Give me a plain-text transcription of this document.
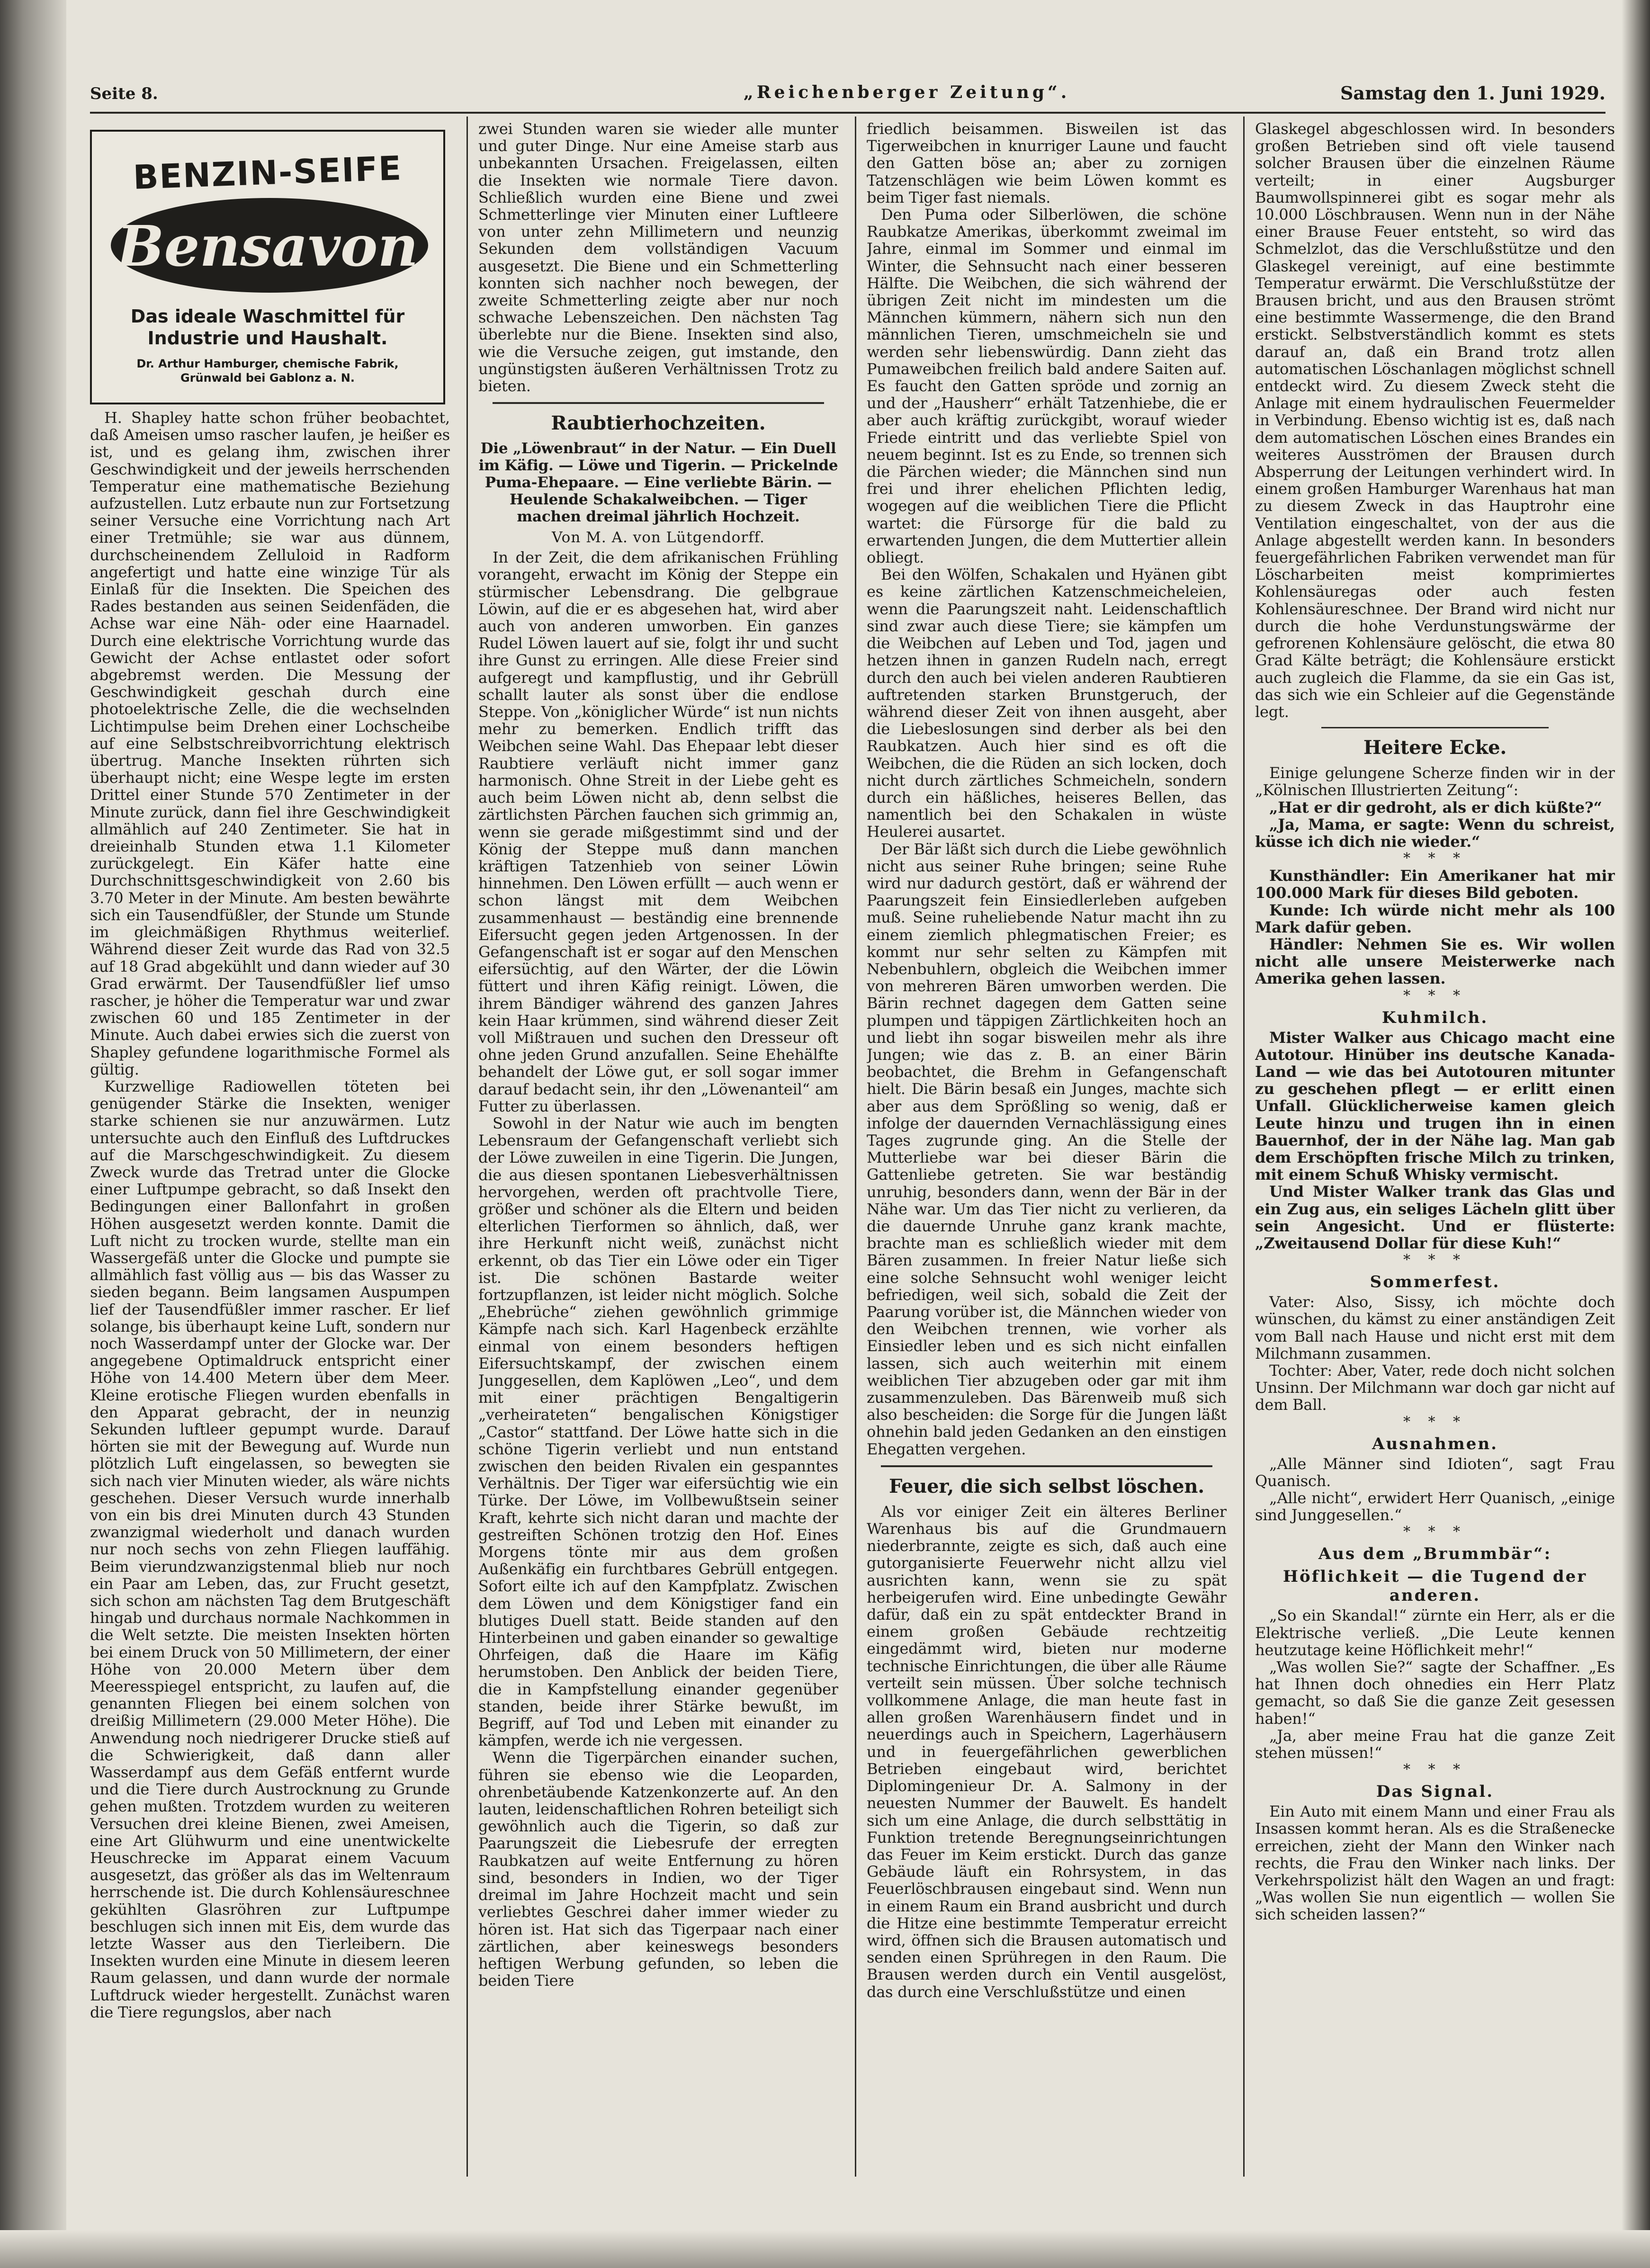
Seite 8.	„Reichenberger Zeitung“.	Samstag den 1. Juni 1929.

H. Shapley hatte schon früher beobachtet, daß Ameisen umso rascher laufen, je heißer es ist, und es gelang ihm, zwischen ihrer Geschwindigkeit und der jeweils herrschenden Temperatur eine mathematische Beziehung aufzustellen. Lutz erbaute nun zur Fortsetzung seiner Versuche eine Vorrichtung nach Art einer Tretmühle; sie war aus dünnem, durchscheinendem Zelluloid in Radform angefertigt und hatte eine winzige Tür als Einlaß für die Insekten. Die Speichen des Rades bestanden aus seinen Seidenfäden, die Achse war eine Näh- oder eine Haarnadel. Durch eine elektrische Vorrichtung wurde das Gewicht der Achse entlastet oder sofort abgebremst werden. Die Messung der Geschwindigkeit geschah durch eine photoelektrische Zelle, die die wechselnden Lichtimpulse beim Drehen einer Lochscheibe auf eine Selbstschreibvorrichtung elektrisch übertrug. Manche Insekten rührten sich überhaupt nicht; eine Wespe legte im ersten Drittel einer Stunde 570 Zentimeter in der Minute zurück, dann fiel ihre Geschwindigkeit allmählich auf 240 Zentimeter. Sie hat in dreieinhalb Stunden etwa 1.1 Kilometer zurückgelegt. Ein Käfer hatte eine Durchschnittsgeschwindigkeit von 2.60 bis 3.70 Meter in der Minute. Am besten bewährte sich ein Tausendfüßler, der Stunde um Stunde im gleichmäßigen Rhythmus weiterlief. Während dieser Zeit wurde das Rad von 32.5 auf 18 Grad abgekühlt und dann wieder auf 30 Grad erwärmt. Der Tausendfüßler lief umso rascher, je höher die Temperatur war und zwar zwischen 60 und 185 Zentimeter in der Minute. Auch dabei erwies sich die zuerst von Shapley gefundene logarithmische Formel als gültig.

Kurzwellige Radiowellen töteten bei genügender Stärke die Insekten, weniger starke schienen sie nur anzuwärmen. Lutz untersuchte auch den Einfluß des Luftdruckes auf die Marschgeschwindigkeit. Zu diesem Zweck wurde das Tretrad unter die Glocke einer Luftpumpe gebracht, so daß Insekt den Bedingungen einer Ballonfahrt in großen Höhen ausgesetzt werden konnte. Damit die Luft nicht zu trocken wurde, stellte man ein Wassergefäß unter die Glocke und pumpte sie allmählich fast völlig aus — bis das Wasser zu sieden begann. Beim langsamen Auspumpen lief der Tausendfüßler immer rascher. Er lief solange, bis überhaupt keine Luft, sondern nur noch Wasserdampf unter der Glocke war. Der angegebene Optimaldruck entspricht einer Höhe von 14.400 Metern über dem Meer. Kleine erotische Fliegen wurden ebenfalls in den Apparat gebracht, der in neunzig Sekunden luftleer gepumpt wurde. Darauf hörten sie mit der Bewegung auf. Wurde nun plötzlich Luft eingelassen, so bewegten sie sich nach vier Minuten wieder, als wäre nichts geschehen. Dieser Versuch wurde innerhalb von ein bis drei Minuten durch 43 Stunden zwanzigmal wiederholt und danach wurden nur noch sechs von zehn Fliegen lauffähig. Beim vierundzwanzigstenmal blieb nur noch ein Paar am Leben, das, zur Frucht gesetzt, sich schon am nächsten Tag dem Brutgeschäft hingab und durchaus normale Nachkommen in die Welt setzte. Die meisten Insekten hörten bei einem Druck von 50 Millimetern, der einer Höhe von 20.000 Metern über dem Meeresspiegel entspricht, zu laufen auf, die genannten Fliegen bei einem solchen von dreißig Millimetern (29.000 Meter Höhe). Die Anwendung noch niedrigerer Drucke stieß auf die Schwierigkeit, daß dann aller Wasserdampf aus dem Gefäß entfernt wurde und die Tiere durch Austrocknung zu Grunde gehen mußten. Trotzdem wurden zu weiteren Versuchen drei kleine Bienen, zwei Ameisen, eine Art Glühwurm und eine unentwickelte Heuschrecke im Apparat einem Vacuum ausgesetzt, das größer als das im Weltenraum herrschende ist. Die durch Kohlensäureschnee gekühlten Glasröhren zur Luftpumpe beschlugen sich innen mit Eis, dem wurde das letzte Wasser aus den Tierleibern. Die Insekten wurden eine Minute in diesem leeren Raum gelassen, und dann wurde der normale Luftdruck wieder hergestellt. Zunächst waren die Tiere regungslos, aber nach

BENZIN-SEIFE
Bensavon
Das ideale Waschmittel für
Industrie und Haushalt.
Dr. Arthur Hamburger, chemische Fabrik,
Grünwald bei Gablonz a. N.

zwei Stunden waren sie wieder alle munter und guter Dinge. Nur eine Ameise starb aus unbekannten Ursachen. Freigelassen, eilten die Insekten wie normale Tiere davon. Schließlich wurden eine Biene und zwei Schmetterlinge vier Minuten einer Luftleere von unter zehn Millimetern und neunzig Sekunden dem vollständigen Vacuum ausgesetzt. Die Biene und ein Schmetterling konnten sich nachher noch bewegen, der zweite Schmetterling zeigte aber nur noch schwache Lebenszeichen. Den nächsten Tag überlebte nur die Biene. Insekten sind also, wie die Versuche zeigen, gut imstande, den ungünstigsten äußeren Verhältnissen Trotz zu bieten.

Raubtierhochzeiten.
Die „Löwenbraut“ in der Natur. — Ein Duell im Käfig. — Löwe und Tigerin. — Prickelnde Puma-Ehepaare. — Eine verliebte Bärin. — Heulende Schakalweibchen. — Tiger machen dreimal jährlich Hochzeit.
Von M. A. von Lütgendorff.

In der Zeit, die dem afrikanischen Frühling vorangeht, erwacht im König der Steppe ein stürmischer Lebensdrang. Die gelbgraue Löwin, auf die er es abgesehen hat, wird aber auch von anderen umworben. Ein ganzes Rudel Löwen lauert auf sie, folgt ihr und sucht ihre Gunst zu erringen. Alle diese Freier sind aufgeregt und kampflustig, und ihr Gebrüll schallt lauter als sonst über die endlose Steppe. Von „königlicher Würde“ ist nun nichts mehr zu bemerken. Endlich trifft das Weibchen seine Wahl. Das Ehepaar lebt dieser Raubtiere verläuft nicht immer ganz harmonisch. Ohne Streit in der Liebe geht es auch beim Löwen nicht ab, denn selbst die zärtlichsten Pärchen fauchen sich grimmig an, wenn sie gerade mißgestimmt sind und der König der Steppe muß dann manchen kräftigen Tatzenhieb von seiner Löwin hinnehmen. Den Löwen erfüllt — auch wenn er schon längst mit dem Weibchen zusammenhaust — beständig eine brennende Eifersucht gegen jeden Artgenossen. In der Gefangenschaft ist er sogar auf den Menschen eifersüchtig, auf den Wärter, der die Löwin füttert und ihren Käfig reinigt. Löwen, die ihrem Bändiger während des ganzen Jahres kein Haar krümmen, sind während dieser Zeit voll Mißtrauen und suchen den Dresseur oft ohne jeden Grund anzufallen. Seine Ehehälfte behandelt der Löwe gut, er soll sogar immer darauf bedacht sein, ihr den „Löwenanteil“ am Futter zu überlassen.

Sowohl in der Natur wie auch im bengten Lebensraum der Gefangenschaft verliebt sich der Löwe zuweilen in eine Tigerin. Die Jungen, die aus diesen spontanen Liebesverhältnissen hervorgehen, werden oft prachtvolle Tiere, größer und schöner als die Eltern und beiden elterlichen Tierformen so ähnlich, daß, wer ihre Herkunft nicht weiß, zunächst nicht erkennt, ob das Tier ein Löwe oder ein Tiger ist. Die schönen Bastarde weiter fortzupflanzen, ist leider nicht möglich. Solche „Ehebrüche“ ziehen gewöhnlich grimmige Kämpfe nach sich. Karl Hagenbeck erzählte einmal von einem besonders heftigen Eifersuchtskampf, der zwischen einem Junggesellen, dem Kaplöwen „Leo“, und dem mit einer prächtigen Bengaltigerin „verheirateten“ bengalischen Königstiger „Castor“ stattfand. Der Löwe hatte sich in die schöne Tigerin verliebt und nun entstand zwischen den beiden Rivalen ein gespanntes Verhältnis. Der Tiger war eifersüchtig wie ein Türke. Der Löwe, im Vollbewußtsein seiner Kraft, kehrte sich nicht daran und machte der gestreiften Schönen trotzig den Hof. Eines Morgens tönte mir aus dem großen Außenkäfig ein furchtbares Gebrüll entgegen. Sofort eilte ich auf den Kampfplatz. Zwischen dem Löwen und dem Königstiger fand ein blutiges Duell statt. Beide standen auf den Hinterbeinen und gaben einander so gewaltige Ohrfeigen, daß die Haare im Käfig herumstoben. Den Anblick der beiden Tiere, die in Kampfstellung einander gegenüber standen, beide ihrer Stärke bewußt, im Begriff, auf Tod und Leben mit einander zu kämpfen, werde ich nie vergessen.

Wenn die Tigerpärchen einander suchen, führen sie ebenso wie die Leoparden, ohrenbetäubende Katzenkonzerte auf. An den lauten, leidenschaftlichen Rohren beteiligt sich gewöhnlich auch die Tigerin, so daß zur Paarungszeit die Liebesrufe der erregten Raubkatzen auf weite Entfernung zu hören sind, besonders in Indien, wo der Tiger dreimal im Jahre Hochzeit macht und sein verliebtes Geschrei daher immer wieder zu hören ist. Hat sich das Tigerpaar nach einer zärtlichen, aber keineswegs besonders heftigen Werbung gefunden, so leben die beiden Tiere

friedlich beisammen. Bisweilen ist das Tigerweibchen in knurriger Laune und faucht den Gatten böse an; aber zu zornigen Tatzenschlägen wie beim Löwen kommt es beim Tiger fast niemals.

Den Puma oder Silberlöwen, die schöne Raubkatze Amerikas, überkommt zweimal im Jahre, einmal im Sommer und einmal im Winter, die Sehnsucht nach einer besseren Hälfte. Die Weibchen, die sich während der übrigen Zeit nicht im mindesten um die Männchen kümmern, nähern sich nun den männlichen Tieren, umschmeicheln sie und werden sehr liebenswürdig. Dann zieht das Pumaweibchen freilich bald andere Saiten auf. Es faucht den Gatten spröde und zornig an und der „Hausherr“ erhält Tatzenhiebe, die er aber auch kräftig zurückgibt, worauf wieder Friede eintritt und das verliebte Spiel von neuem beginnt. Ist es zu Ende, so trennen sich die Pärchen wieder; die Männchen sind nun frei und ihrer ehelichen Pflichten ledig, wogegen auf die weiblichen Tiere die Pflicht wartet: die Fürsorge für die bald zu erwartenden Jungen, die dem Muttertier allein obliegt.

Bei den Wölfen, Schakalen und Hyänen gibt es keine zärtlichen Katzenschmeicheleien, wenn die Paarungszeit naht. Leidenschaftlich sind zwar auch diese Tiere; sie kämpfen um die Weibchen auf Leben und Tod, jagen und hetzen ihnen in ganzen Rudeln nach, erregt durch den auch bei vielen anderen Raubtieren auftretenden starken Brunstgeruch, der während dieser Zeit von ihnen ausgeht, aber die Liebeslosungen sind derber als bei den Raubkatzen. Auch hier sind es oft die Weibchen, die die Rüden an sich locken, doch nicht durch zärtliches Schmeicheln, sondern durch ein häßliches, heiseres Bellen, das namentlich bei den Schakalen in wüste Heulerei ausartet.

Der Bär läßt sich durch die Liebe gewöhnlich nicht aus seiner Ruhe bringen; seine Ruhe wird nur dadurch gestört, daß er während der Paarungszeit fein Einsiedlerleben aufgeben muß. Seine ruheliebende Natur macht ihn zu einem ziemlich phlegmatischen Freier; es kommt nur sehr selten zu Kämpfen mit Nebenbuhlern, obgleich die Weibchen immer von mehreren Bären umworben werden. Die Bärin rechnet dagegen dem Gatten seine plumpen und täppigen Zärtlichkeiten hoch an und liebt ihn sogar bisweilen mehr als ihre Jungen; wie das z. B. an einer Bärin beobachtet, die Brehm in Gefangenschaft hielt. Die Bärin besaß ein Junges, machte sich aber aus dem Sprößling so wenig, daß er infolge der dauernden Vernachlässigung eines Tages zugrunde ging. An die Stelle der Mutterliebe war bei dieser Bärin die Gattenliebe getreten. Sie war beständig unruhig, besonders dann, wenn der Bär in der Nähe war. Um das Tier nicht zu verlieren, da die dauernde Unruhe ganz krank machte, brachte man es schließlich wieder mit dem Bären zusammen. In freier Natur ließe sich eine solche Sehnsucht wohl weniger leicht befriedigen, weil sich, sobald die Zeit der Paarung vorüber ist, die Männchen wieder von den Weibchen trennen, wie vorher als Einsiedler leben und es sich nicht einfallen lassen, sich auch weiterhin mit einem weiblichen Tier abzugeben oder gar mit ihm zusammenzuleben. Das Bärenweib muß sich also bescheiden: die Sorge für die Jungen läßt ohnehin bald jeden Gedanken an den einstigen Ehegatten vergehen.

Feuer, die sich selbst löschen.

Als vor einiger Zeit ein älteres Berliner Warenhaus bis auf die Grundmauern niederbrannte, zeigte es sich, daß auch eine gutorganisierte Feuerwehr nicht allzu viel ausrichten kann, wenn sie zu spät herbeigerufen wird. Eine unbedingte Gewähr dafür, daß ein zu spät entdeckter Brand in einem großen Gebäude rechtzeitig eingedämmt wird, bieten nur moderne technische Einrichtungen, die über alle Räume verteilt sein müssen. Über solche technisch vollkommene Anlage, die man heute fast in allen großen Warenhäusern findet und in neuerdings auch in Speichern, Lagerhäusern und in feuergefährlichen gewerblichen Betrieben eingebaut wird, berichtet Diplomingenieur Dr. A. Salmony in der neuesten Nummer der Bauwelt. Es handelt sich um eine Anlage, die durch selbsttätig in Funktion tretende Beregnungseinrichtungen das Feuer im Keim erstickt. Durch das ganze Gebäude läuft ein Rohrsystem, in das Feuerlöschbrausen eingebaut sind. Wenn nun in einem Raum ein Brand ausbricht und durch die Hitze eine bestimmte Temperatur erreicht wird, öffnen sich die Brausen automatisch und senden einen Sprühregen in den Raum. Die Brausen werden durch ein Ventil ausgelöst, das durch eine Verschlußstütze und einen

Glaskegel abgeschlossen wird. In besonders großen Betrieben sind oft viele tausend solcher Brausen über die einzelnen Räume verteilt; in einer Augsburger Baumwollspinnerei gibt es sogar mehr als 10.000 Löschbrausen. Wenn nun in der Nähe einer Brause Feuer entsteht, so wird das Schmelzlot, das die Verschlußstütze und den Glaskegel vereinigt, auf eine bestimmte Temperatur erwärmt. Die Verschlußstütze der Brausen bricht, und aus den Brausen strömt eine bestimmte Wassermenge, die den Brand erstickt. Selbstverständlich kommt es stets darauf an, daß ein Brand trotz allen automatischen Löschanlagen möglichst schnell entdeckt wird. Zu diesem Zweck steht die Anlage mit einem hydraulischen Feuermelder in Verbindung. Ebenso wichtig ist es, daß nach dem automatischen Löschen eines Brandes ein weiteres Ausströmen der Brausen durch Absperrung der Leitungen verhindert wird. In einem großen Hamburger Warenhaus hat man zu diesem Zweck in das Hauptrohr eine Ventilation eingeschaltet, von der aus die Anlage abgestellt werden kann. In besonders feuergefährlichen Fabriken verwendet man für Löscharbeiten meist komprimiertes Kohlensäuregas oder auch festen Kohlensäureschnee. Der Brand wird nicht nur durch die hohe Verdunstungswärme der gefrorenen Kohlensäure gelöscht, die etwa 80 Grad Kälte beträgt; die Kohlensäure erstickt auch zugleich die Flamme, da sie ein Gas ist, das sich wie ein Schleier auf die Gegenstände legt.

Heitere Ecke.

Einige gelungene Scherze finden wir in der „Kölnischen Illustrierten Zeitung“:

„Hat er dir gedroht, als er dich küßte?“

„Ja, Mama, er sagte: Wenn du schreist, küsse ich dich nie wieder.“

* * *

Kunsthändler: Ein Amerikaner hat mir 100.000 Mark für dieses Bild geboten.

Kunde: Ich würde nicht mehr als 100 Mark dafür geben.

Händler: Nehmen Sie es. Wir wollen nicht alle unsere Meisterwerke nach Amerika gehen lassen.

* * *
Kuhmilch.

Mister Walker aus Chicago macht eine Autotour. Hinüber ins deutsche Kanada-Land — wie das bei Autotouren mitunter zu geschehen pflegt — er erlitt einen Unfall. Glücklicherweise kamen gleich Leute hinzu und trugen ihn in einen Bauernhof, der in der Nähe lag. Man gab dem Erschöpften frische Milch zu trinken, mit einem Schuß Whisky vermischt.

Und Mister Walker trank das Glas und ein Zug aus, ein seliges Lächeln glitt über sein Angesicht. Und er flüsterte: „Zweitausend Dollar für diese Kuh!“

* * *
Sommerfest.

Vater: Also, Sissy, ich möchte doch wünschen, du kämst zu einer anständigen Zeit vom Ball nach Hause und nicht erst mit dem Milchmann zusammen.

Tochter: Aber, Vater, rede doch nicht solchen Unsinn. Der Milchmann war doch gar nicht auf dem Ball.

* * *
Ausnahmen.

„Alle Männer sind Idioten“, sagt Frau Quanisch.

„Alle nicht“, erwidert Herr Quanisch, „einige sind Junggesellen.“

* * *
Aus dem „Brummbär“:
Höflichkeit — die Tugend der anderen.

„So ein Skandal!“ zürnte ein Herr, als er die Elektrische verließ. „Die Leute kennen heutzutage keine Höflichkeit mehr!“

„Was wollen Sie?“ sagte der Schaffner. „Es hat Ihnen doch ohnedies ein Herr Platz gemacht, so daß Sie die ganze Zeit gesessen haben!“

„Ja, aber meine Frau hat die ganze Zeit stehen müssen!“

* * *
Das Signal.

Ein Auto mit einem Mann und einer Frau als Insassen kommt heran. Als es die Straßenecke erreichen, zieht der Mann den Winker nach rechts, die Frau den Winker nach links. Der Verkehrspolizist hält den Wagen an und fragt: „Was wollen Sie nun eigentlich — wollen Sie sich scheiden lassen?“
